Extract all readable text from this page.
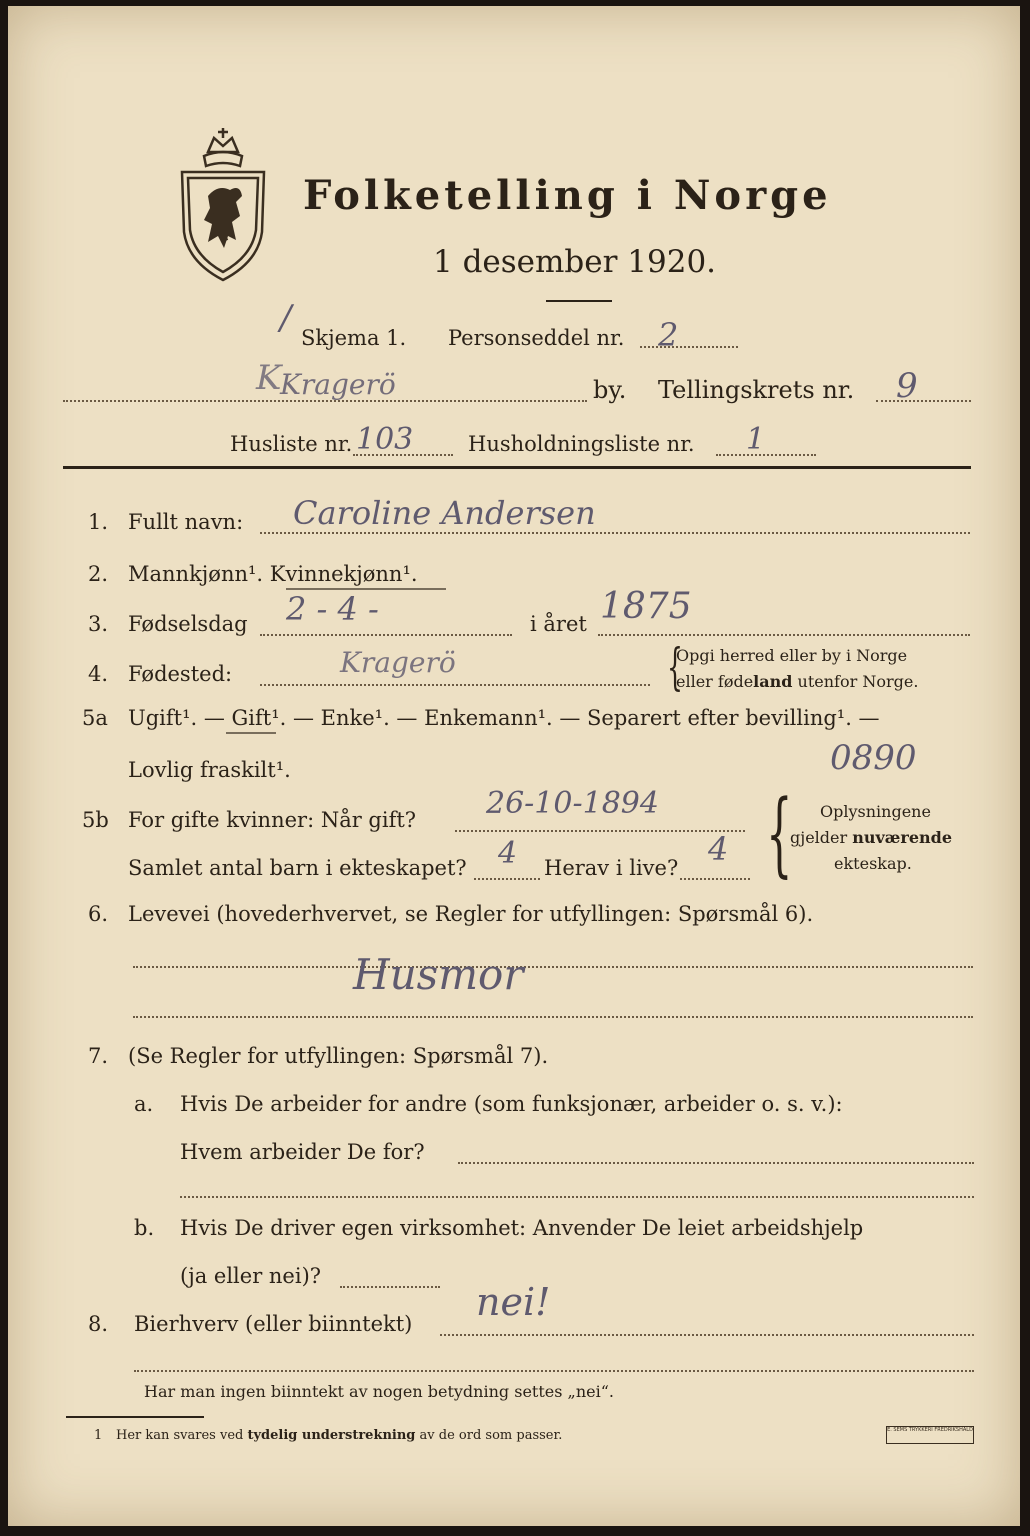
Folketelling i Norge
1 desember 1920.
/ Skjema 1. Personseddel nr. 2
K
Kragerö	by. Tellingskrets nr. 9
Husliste nr. 103	Husholdningsliste nr. 1
1. Fullt navn: Caroline Andersen
2. Mannkjønn¹. Kvinnekjønn¹.
3. Fødselsdag 2 - 4 -	i året 1875
4. Fødested:	Kragerö	{
Opgi herred eller by i Norge
eller fødeland utenfor Norge.
5a Ugift¹. — Gift¹. — Enke¹. — Enkemann¹. — Separert efter bevilling¹. —
Lovlig fraskilt¹.	0890
5b For gifte kvinner: Når gift? 26-10-1894
Samlet antal barn i ekteskapet? 4 Herav i live? 4 { Oplysningene
gjelder nuværende
ekteskap.
6. Levevei (hovederhvervet, se Regler for utfyllingen: Spørsmål 6).
Husmor
7. (Se Regler for utfyllingen: Spørsmål 7).
a. Hvis De arbeider for andre (som funksjonær, arbeider o. s. v.):
Hvem arbeider De for?
b. Hvis De driver egen virksomhet: Anvender De leiet arbeidshjelp
(ja eller nei)?
8. Bierhverv (eller biinntekt) nei!
Har man ingen biinntekt av nogen betydning settes „nei“.
1 Her kan svares ved tydelig understrekning av de ord som passer.	E. SEMS TRYKKERI FREDRIKSHALD
